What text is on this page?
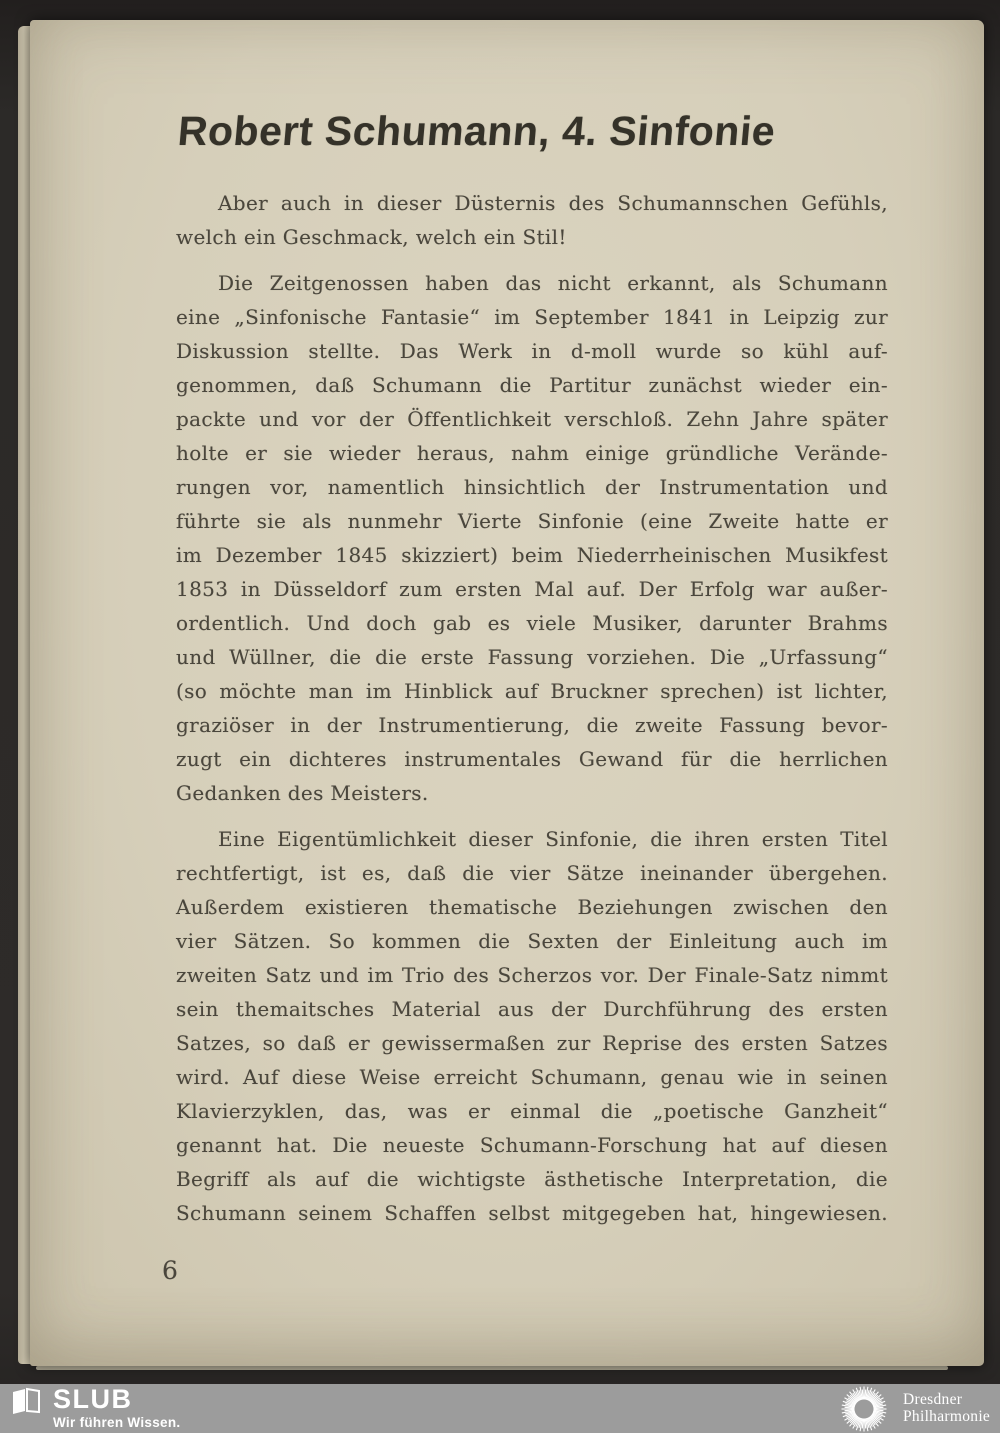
Robert Schumann, 4. Sinfonie
Aber auch in dieser Düsternis des Schumannschen Gefühls,
welch ein Geschmack, welch ein Stil!
Die Zeitgenossen haben das nicht erkannt, als Schumann
eine „Sinfonische Fantasie“ im September 1841 in Leipzig zur
Diskussion stellte. Das Werk in d-moll wurde so kühl auf-
genommen, daß Schumann die Partitur zunächst wieder ein-
packte und vor der Öffentlichkeit verschloß. Zehn Jahre später
holte er sie wieder heraus, nahm einige gründliche Verände-
rungen vor, namentlich hinsichtlich der Instrumentation und
führte sie als nunmehr Vierte Sinfonie (eine Zweite hatte er
im Dezember 1845 skizziert) beim Niederrheinischen Musikfest
1853 in Düsseldorf zum ersten Mal auf. Der Erfolg war außer-
ordentlich. Und doch gab es viele Musiker, darunter Brahms
und Wüllner, die die erste Fassung vorziehen. Die „Urfassung“
(so möchte man im Hinblick auf Bruckner sprechen) ist lichter,
graziöser in der Instrumentierung, die zweite Fassung bevor-
zugt ein dichteres instrumentales Gewand für die herrlichen
Gedanken des Meisters.
Eine Eigentümlichkeit dieser Sinfonie, die ihren ersten Titel
rechtfertigt, ist es, daß die vier Sätze ineinander übergehen.
Außerdem existieren thematische Beziehungen zwischen den
vier Sätzen. So kommen die Sexten der Einleitung auch im
zweiten Satz und im Trio des Scherzos vor. Der Finale-Satz nimmt
sein themaitsches Material aus der Durchführung des ersten
Satzes, so daß er gewissermaßen zur Reprise des ersten Satzes
wird. Auf diese Weise erreicht Schumann, genau wie in seinen
Klavierzyklen, das, was er einmal die „poetische Ganzheit“
genannt hat. Die neueste Schumann-Forschung hat auf diesen
Begriff als auf die wichtigste ästhetische Interpretation, die
Schumann seinem Schaffen selbst mitgegeben hat, hingewiesen.
6
SLUB
Wir führen Wissen.
Dresdner
Philharmonie
